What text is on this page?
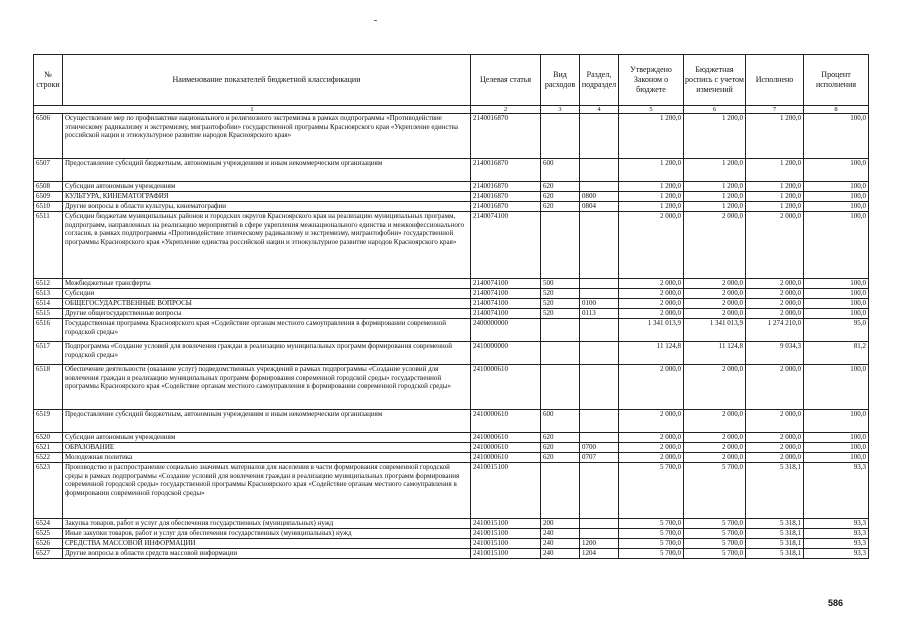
№ строки	Наименование показателей бюджетной классификации	Целевая статья	Вид расходов	Раздел, подраздел	Утверждено Законом о бюджете	Бюджетная роспись с учетом изменений	Исполнено	Процент исполнения
1		2	3	4	5	6	7	8
6506	Осуществление мер по профилактике национального и религиозного экстремизма в рамках подпрограммы «Противодействие этническому радикализму и экстремизму, мигрантофобии» государственной программы Красноярского края «Укрепление единства российской нации и этнокультурное развитие народов Красноярского края»	2140016870			1 200,0	1 200,0	1 200,0	100,0
6507	Предоставление субсидий бюджетным, автономным учреждениям и иным некоммерческим организациям	2140016870	600		1 200,0	1 200,0	1 200,0	100,0
6508	Субсидии автономным учреждениям	2140016870	620		1 200,0	1 200,0	1 200,0	100,0
6509	КУЛЬТУРА, КИНЕМАТОГРАФИЯ	2140016870	620	0800	1 200,0	1 200,0	1 200,0	100,0
6510	Другие вопросы в области культуры, кинематографии	2140016870	620	0804	1 200,0	1 200,0	1 200,0	100,0
6511	Субсидии бюджетам муниципальных районов и городских округов Красноярского края на реализацию муниципальных программ, подпрограмм, направленных на реализацию мероприятий в сфере укрепления межнационального единства и межконфессионального согласия, в рамках подпрограммы «Противодействие этническому радикализму и экстремизму, мигрантофобии» государственной программы Красноярского края «Укрепление единства российской нации и этнокультурное развитие народов Красноярского края»	2140074100			2 000,0	2 000,0	2 000,0	100,0
6512	Межбюджетные трансферты	2140074100	500		2 000,0	2 000,0	2 000,0	100,0
6513	Субсидии	2140074100	520		2 000,0	2 000,0	2 000,0	100,0
6514	ОБЩЕГОСУДАРСТВЕННЫЕ ВОПРОСЫ	2140074100	520	0100	2 000,0	2 000,0	2 000,0	100,0
6515	Другие общегосударственные вопросы	2140074100	520	0113	2 000,0	2 000,0	2 000,0	100,0
6516	Государственная программа Красноярского края «Содействие органам местного самоуправления в формировании современной городской среды»	2400000000			1 341 013,9	1 341 013,9	1 274 210,0	95,0
6517	Подпрограмма «Создание условий для вовлечения граждан в реализацию муниципальных программ формирования современной городской среды»	2410000000			11 124,8	11 124,8	9 034,3	81,2
6518	Обеспечение деятельности (оказание услуг) подведомственных учреждений в рамках подпрограммы «Создание условий для вовлечения граждан в реализацию муниципальных программ формирования современной городской среды» государственной программы Красноярского края «Содействие органам местного самоуправления в формировании современной городской среды»	2410000610			2 000,0	2 000,0	2 000,0	100,0
6519	Предоставление субсидий бюджетным, автономным учреждениям и иным некоммерческим организациям	2410000610	600		2 000,0	2 000,0	2 000,0	100,0
6520	Субсидии автономным учреждениям	2410000610	620		2 000,0	2 000,0	2 000,0	100,0
6521	ОБРАЗОВАНИЕ	2410000610	620	0700	2 000,0	2 000,0	2 000,0	100,0
6522	Молодежная политика	2410000610	620	0707	2 000,0	2 000,0	2 000,0	100,0
6523	Производство и распространение социально значимых материалов для населения в части формирования современной городской среды в рамках подпрограммы «Создание условий для вовлечения граждан в реализацию муниципальных программ формирования современной городской среды» государственной программы Красноярского края «Содействие органам местного самоуправления в формировании современной городской среды»	2410015100			5 700,0	5 700,0	5 318,1	93,3
6524	Закупка товаров, работ и услуг для обеспечения государственных (муниципальных) нужд	2410015100	200		5 700,0	5 700,0	5 318,1	93,3
6525	Иные закупки товаров, работ и услуг для обеспечения государственных (муниципальных) нужд	2410015100	240		5 700,0	5 700,0	5 318,1	93,3
6526	СРЕДСТВА МАССОВОЙ ИНФОРМАЦИИ	2410015100	240	1200	5 700,0	5 700,0	5 318,1	93,3
6527	Другие вопросы в области средств массовой информации	2410015100	240	1204	5 700,0	5 700,0	5 318,1	93,3
586
